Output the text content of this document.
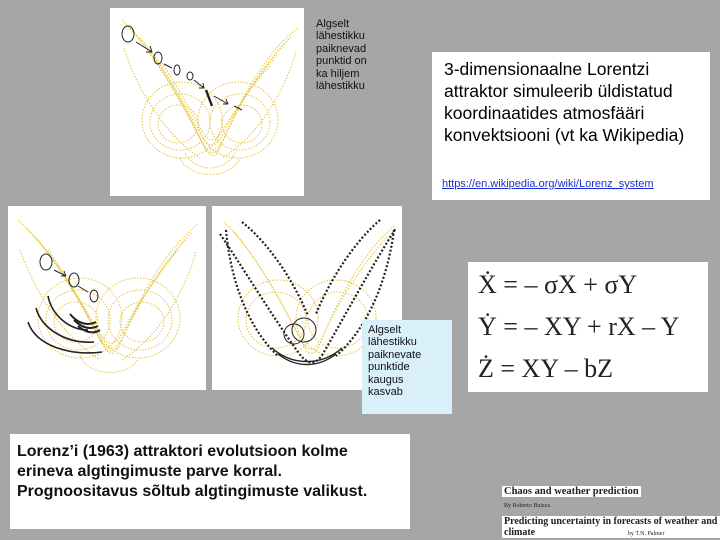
Algselt
lähestikku
paiknevad
punktid on
ka hiljem
lähestikku
3-dimensionaalne Lorentzi attraktor simuleerib üldistatud koordinaatides atmosfääri konvektsiooni (vt ka Wikipedia)
https://en.wikipedia.org/wiki/Lorenz_system
Algselt
lähestikku
paiknevate
punktide
kaugus
kasvab
Ẋ = – σX + σY
Ẏ = – XY + rX – Y
Ż = XY – bZ
Lorenz’i (1963) attraktori evolutsioon kolme erineva algtingimuste parve korral. Prognoositavus sõltub algtingimuste valikust.	Chaos and weather prediction
By Roberto Buizza
Predicting uncertainty in forecasts of weather and climate	by T.N. Palmer
